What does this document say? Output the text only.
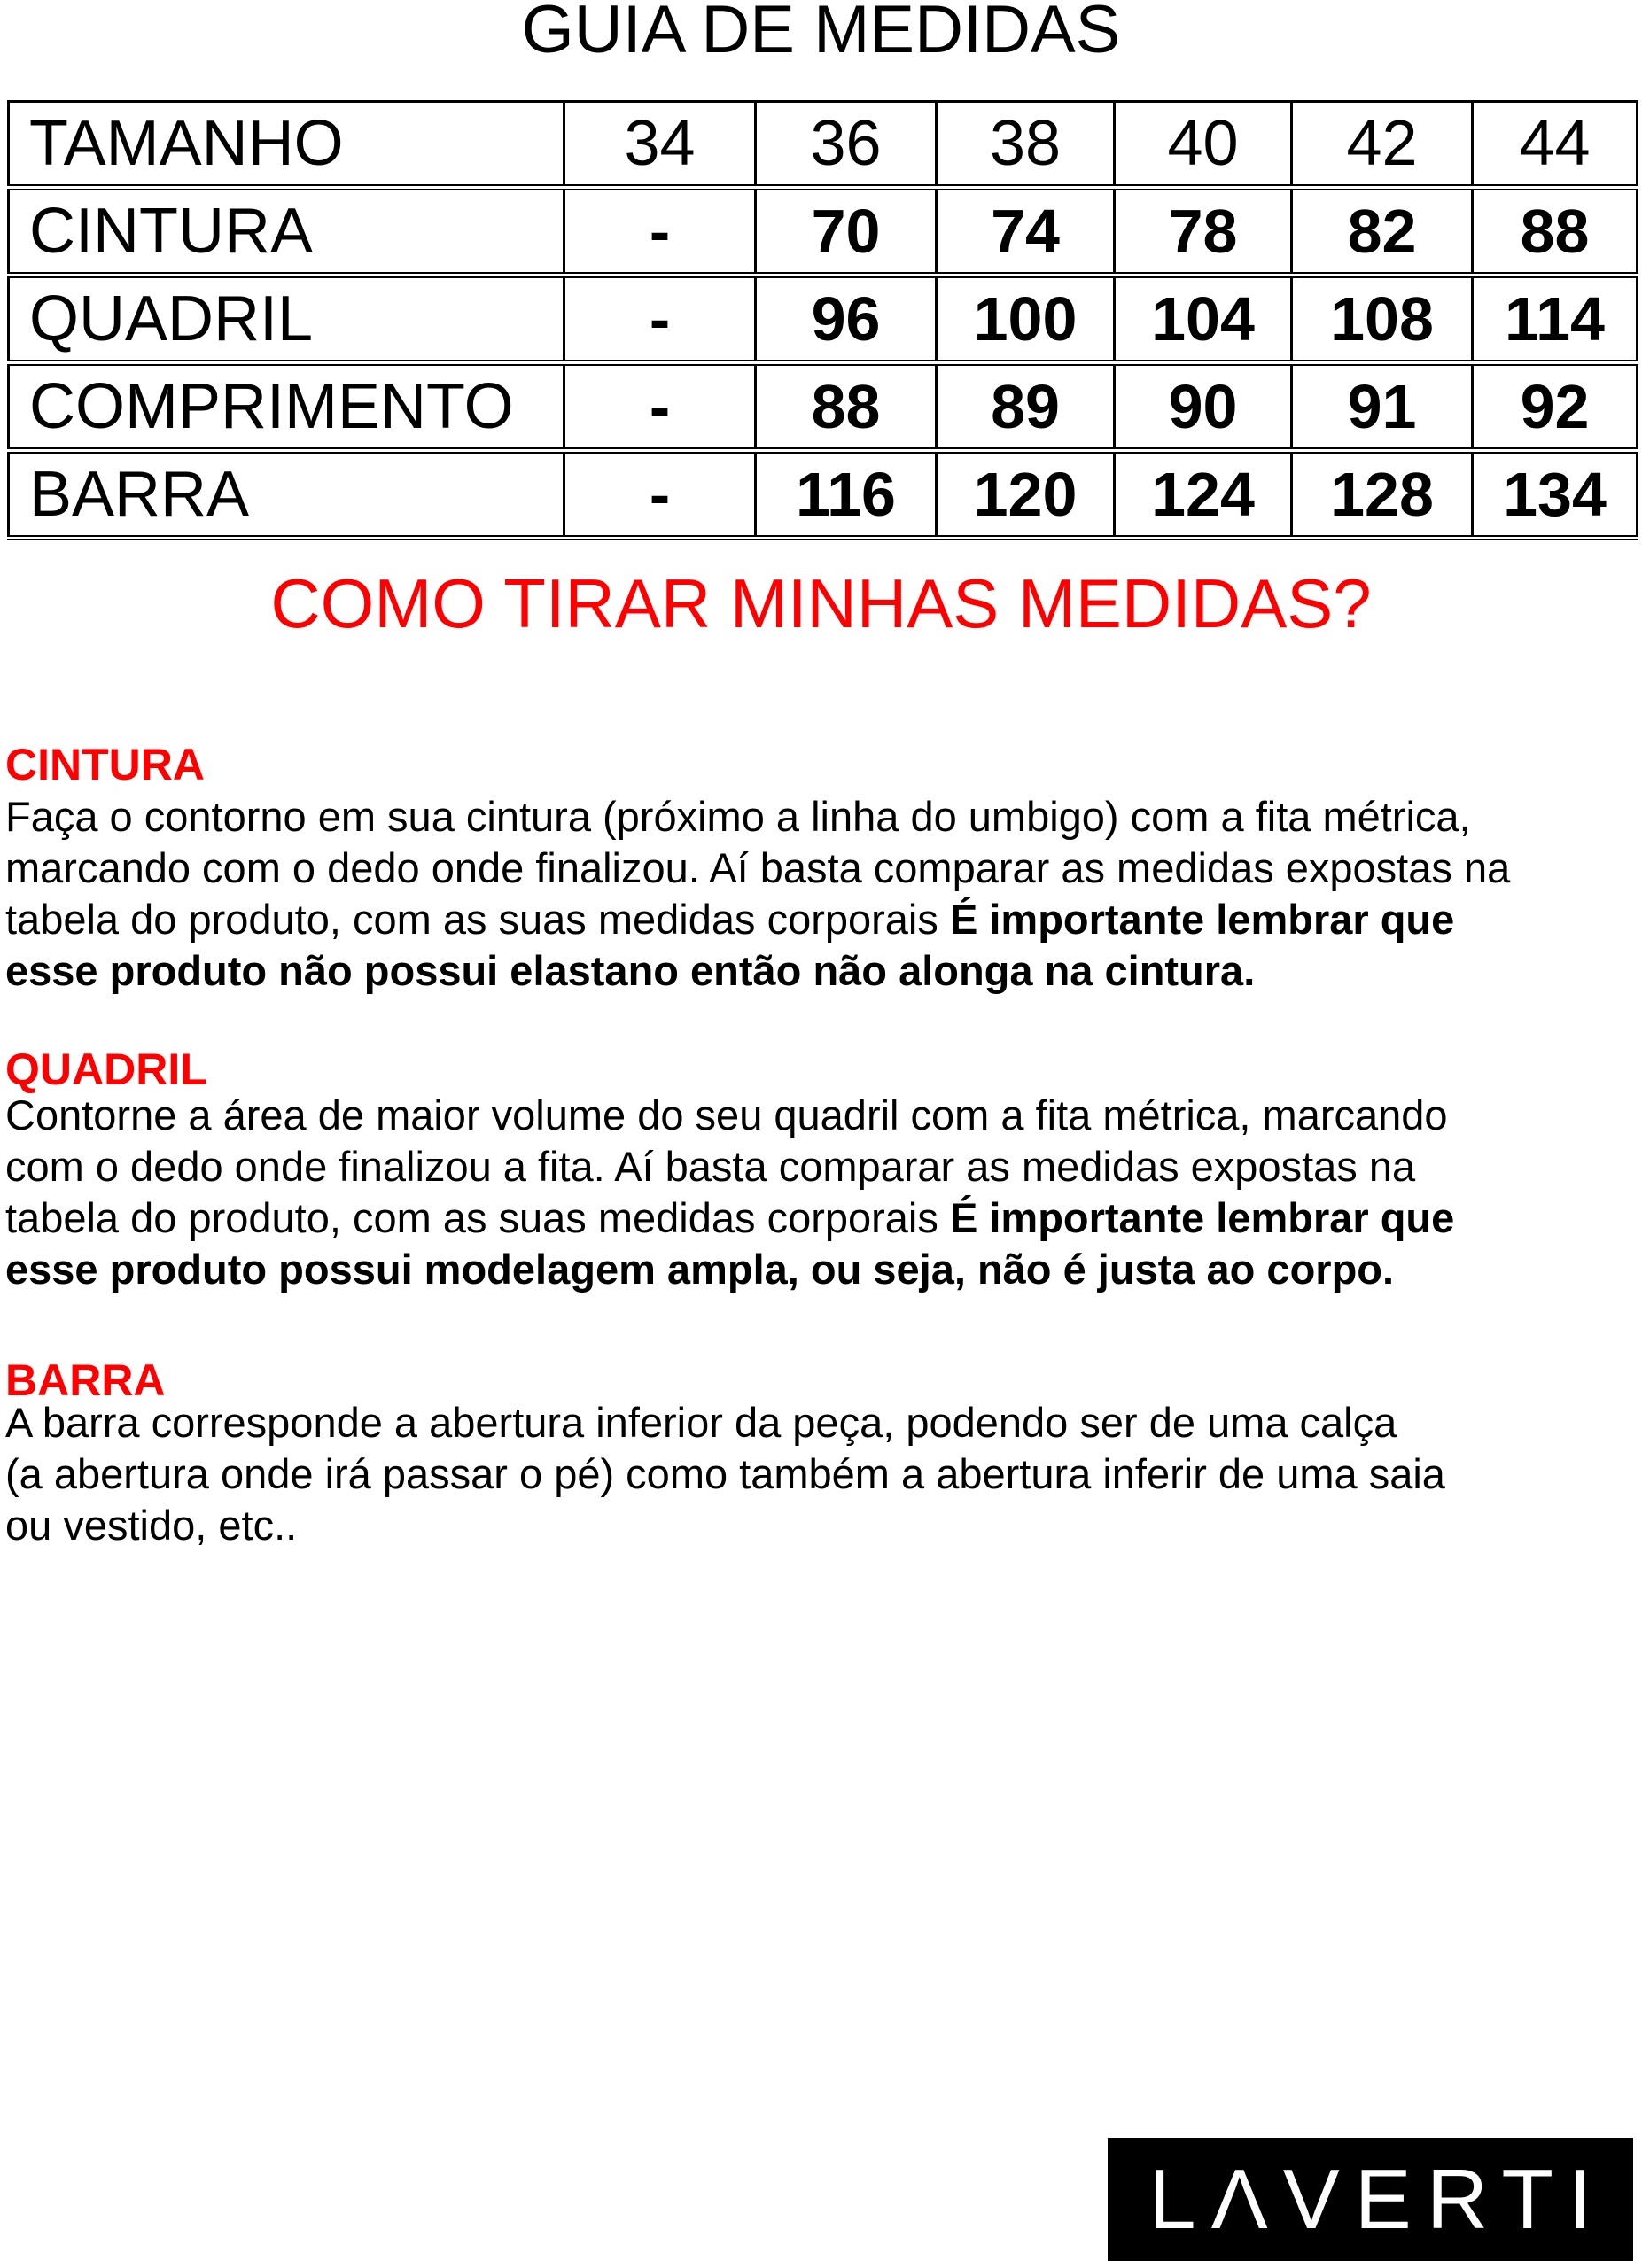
GUIA DE MEDIDAS
TAMANHO	34	36	38	40	42	44
CINTURA	-	70	74	78	82	88
QUADRIL	-	96	100	104	108	114
COMPRIMENTO	-	88	89	90	91	92
BARRA	-	116	120	124	128	134
COMO TIRAR MINHAS MEDIDAS?
CINTURA
Faça o contorno em sua cintura (próximo a linha do umbigo) com a fita métrica,
marcando com o dedo onde finalizou. Aí basta comparar as medidas expostas na
tabela do produto, com as suas medidas corporais É importante lembrar que
esse produto não possui elastano então não alonga na cintura.
QUADRIL
Contorne a área de maior volume do seu quadril com a fita métrica, marcando
com o dedo onde finalizou a fita. Aí basta comparar as medidas expostas na
tabela do produto, com as suas medidas corporais É importante lembrar que
esse produto possui modelagem ampla, ou seja, não é justa ao corpo.
BARRA
A barra corresponde a abertura inferior da peça, podendo ser de uma calça
(a abertura onde irá passar o pé) como também a abertura inferir de uma saia
ou vestido, etc..
LΛVERTI
